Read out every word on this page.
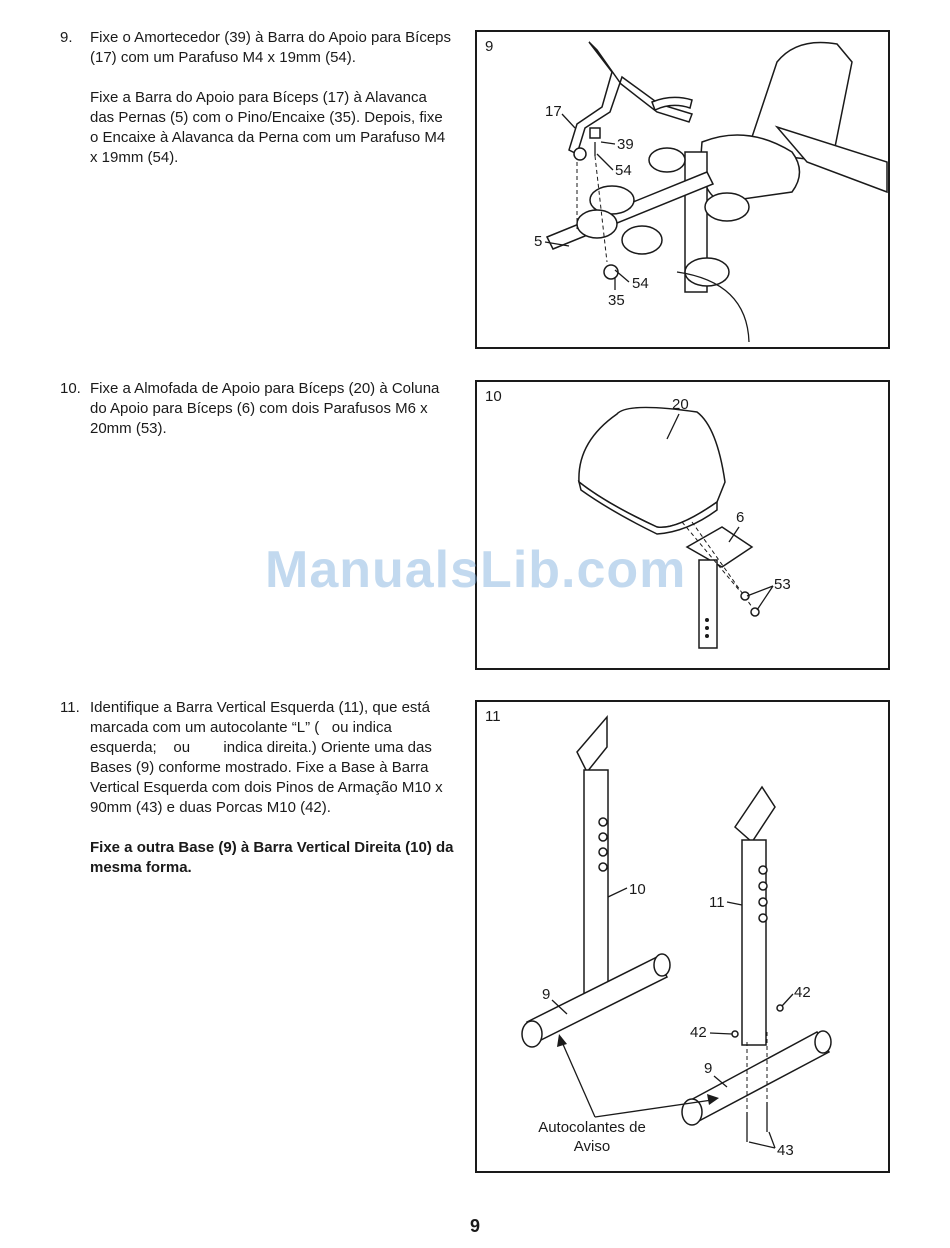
9. Fixe o Amortecedor (39) à Barra do Apoio para Bíceps (17) com um Parafuso M4 x 19mm (54).

Fixe a Barra do Apoio para Bíceps (17) à Alavanca das Pernas (5) com o Pino/Encaixe (35). Depois, fixe o Encaixe à Alavanca da Perna com um Parafuso M4 x 19mm (54).

10. Fixe a Almofada de Apoio para Bíceps (20) à Coluna do Apoio para Bíceps (6) com dois Parafusos M6 x 20mm (53).

11. Identifique a Barra Vertical Esquerda (11), que está marcada com um autocolante “L” (   ou indica esquerda;    ou        indica direita.) Oriente uma das Bases (9) conforme mostrado. Fixe a Base à Barra Vertical Esquerda com dois Pinos de Armação M10 x 90mm (43) e duas Porcas M10 (42).

Fixe a outra Base (9) à Barra Vertical Direita (10) da mesma forma.

17
39
54
5
54
35
9
20
6
53
10
10
11
9	42
42
9
43
Autocolantes de
Aviso
11
ManualsLib.com
9
